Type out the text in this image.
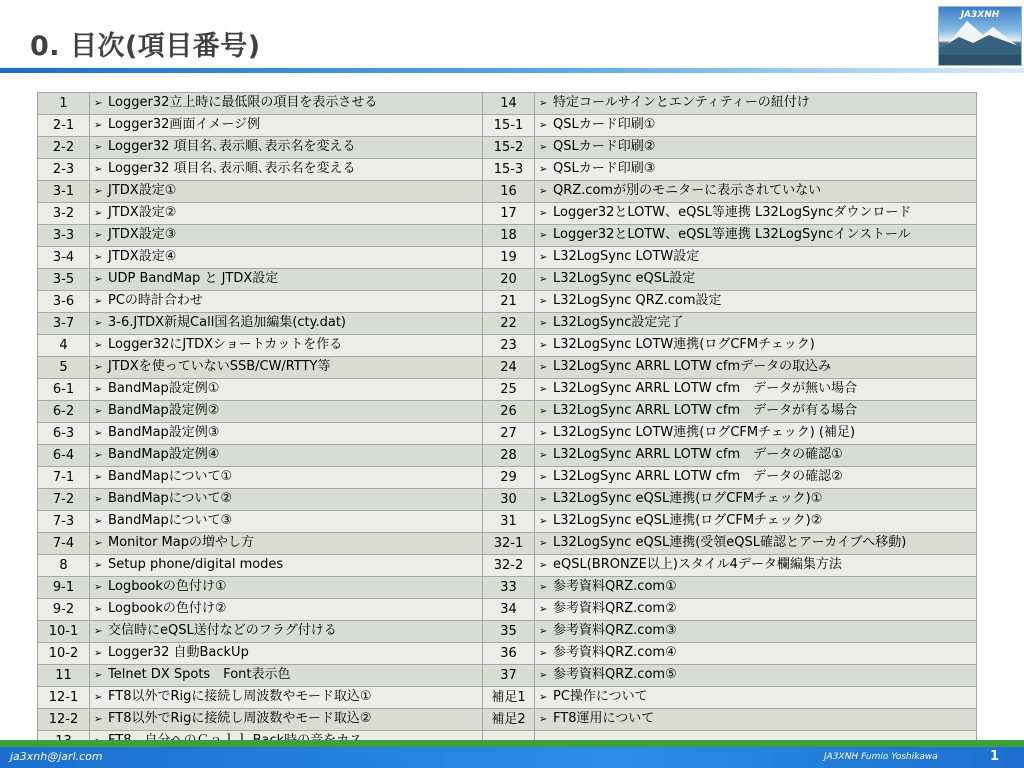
0. 目次(項目番号)
JA3XNH
1	➢ Logger32立上時に最低限の項目を表示させる	14	➢ 特定コールサインとエンティティーの紐付け
2-1	➢ Logger32画面イメージ例	15-1	➢ QSLカード印刷①
2-2	➢ Logger32 項目名､表示順､表示名を変える	15-2	➢ QSLカード印刷②
2-3	➢ Logger32 項目名､表示順､表示名を変える	15-3	➢ QSLカード印刷③
3-1	➢ JTDX設定①	16	➢ QRZ.comが別のモニターに表示されていない
3-2	➢ JTDX設定②	17	➢ Logger32とLOTW、eQSL等連携 L32LogSyncダウンロード
3-3	➢ JTDX設定③	18	➢ Logger32とLOTW、eQSL等連携 L32LogSyncインストール
3-4	➢ JTDX設定④	19	➢ L32LogSync LOTW設定
3-5	➢ UDP BandMap と JTDX設定	20	➢ L32LogSync eQSL設定
3-6	➢ PCの時計合わせ	21	➢ L32LogSync QRZ.com設定
3-7	➢ 3-6.JTDX新規Call国名追加編集(cty.dat)	22	➢ L32LogSync設定完了
4	➢ Logger32にJTDXショートカットを作る	23	➢ L32LogSync LOTW連携(ログCFMチェック)
5	➢ JTDXを使っていないSSB/CW/RTTY等	24	➢ L32LogSync ARRL LOTW cfmデータの取込み
6-1	➢ BandMap設定例①	25	➢ L32LogSync ARRL LOTW cfm　データが無い場合
6-2	➢ BandMap設定例②	26	➢ L32LogSync ARRL LOTW cfm　データが有る場合
6-3	➢ BandMap設定例③	27	➢ L32LogSync LOTW連携(ログCFMチェック) (補足)
6-4	➢ BandMap設定例④	28	➢ L32LogSync ARRL LOTW cfm　データの確認①
7-1	➢ BandMapについて①	29	➢ L32LogSync ARRL LOTW cfm　データの確認②
7-2	➢ BandMapについて②	30	➢ L32LogSync eQSL連携(ログCFMチェック)①
7-3	➢ BandMapについて③	31	➢ L32LogSync eQSL連携(ログCFMチェック)②
7-4	➢ Monitor Mapの増やし方	32-1	➢ L32LogSync eQSL連携(受領eQSL確認とアーカイブへ移動)
8	➢ Setup phone/digital modes	32-2	➢ eQSL(BRONZE以上)スタイル4データ欄編集方法
9-1	➢ Logbookの色付け①	33	➢ 参考資料QRZ.com①
9-2	➢ Logbookの色付け②	34	➢ 参考資料QRZ.com②
10-1	➢ 交信時にeQSL送付などのフラグ付ける	35	➢ 参考資料QRZ.com③
10-2	➢ Logger32 自動BackUp	36	➢ 参考資料QRZ.com④
11	➢ Telnet DX Spots　Font表示色	37	➢ 参考資料QRZ.com⑤
12-1	➢ FT8以外でRigに接続し周波数やモード取込①	補足1	➢ PC操作について
12-2	➢ FT8以外でRigに接続し周波数やモード取込②	補足2	➢ FT8運用について

ja3xnh@jarl.com	JA3XNH Fumio Yoshikawa	1
